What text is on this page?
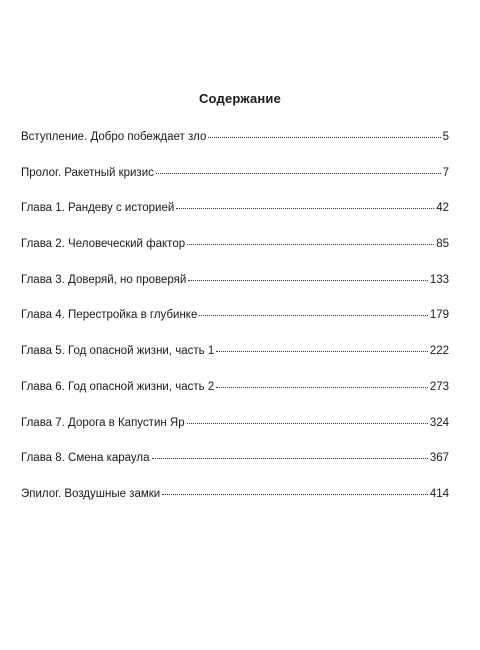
Содержание
Вступление. Добро побеждает зло	5
Пролог. Ракетный кризис	7
Глава 1. Рандеву с историей	42
Глава 2. Человеческий фактор	85
Глава 3. Доверяй, но проверяй	133
Глава 4. Перестройка в глубинке	179
Глава 5. Год опасной жизни, часть 1	222
Глава 6. Год опасной жизни, часть 2	273
Глава 7. Дорога в Капустин Яр	324
Глава 8. Смена караула	367
Эпилог. Воздушные замки	414
